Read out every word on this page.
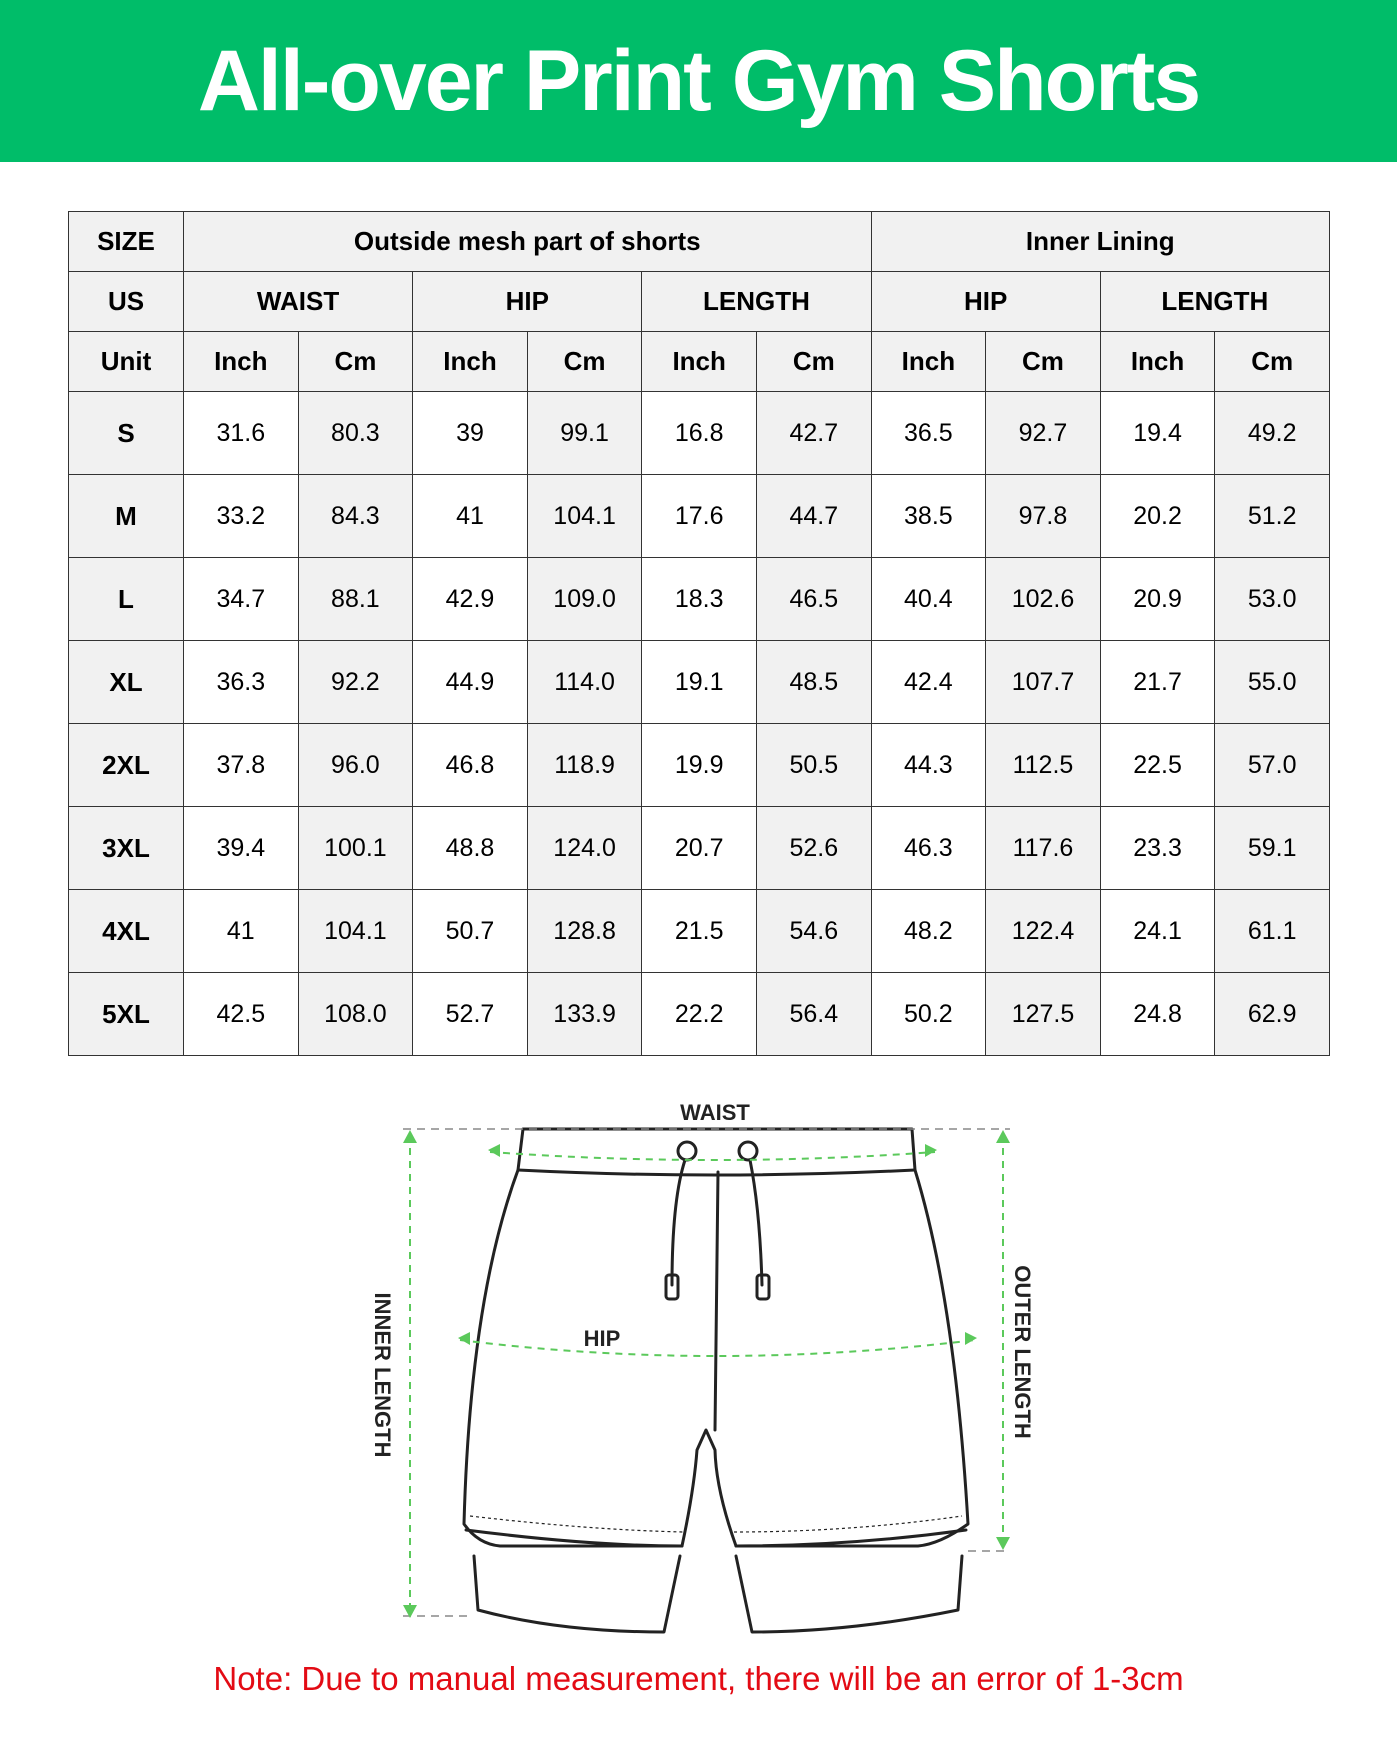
All-over Print Gym Shorts
SIZE	Outside mesh part of shorts						Inner Lining			
US	WAIST		HIP		LENGTH		HIP		LENGTH	
Unit	Inch	Cm	Inch	Cm	Inch	Cm	Inch	Cm	Inch	Cm
S	31.6	80.3	39	99.1	16.8	42.7	36.5	92.7	19.4	49.2
M	33.2	84.3	41	104.1	17.6	44.7	38.5	97.8	20.2	51.2
L	34.7	88.1	42.9	109.0	18.3	46.5	40.4	102.6	20.9	53.0
XL	36.3	92.2	44.9	114.0	19.1	48.5	42.4	107.7	21.7	55.0
2XL	37.8	96.0	46.8	118.9	19.9	50.5	44.3	112.5	22.5	57.0
3XL	39.4	100.1	48.8	124.0	20.7	52.6	46.3	117.6	23.3	59.1
4XL	41	104.1	50.7	128.8	21.5	54.6	48.2	122.4	24.1	61.1
5XL	42.5	108.0	52.7	133.9	22.2	56.4	50.2	127.5	24.8	62.9
WAIST
HIP
INNER LENGTH	OUTER LENGTH
Note: Due to manual measurement, there will be an error of 1-3cm
